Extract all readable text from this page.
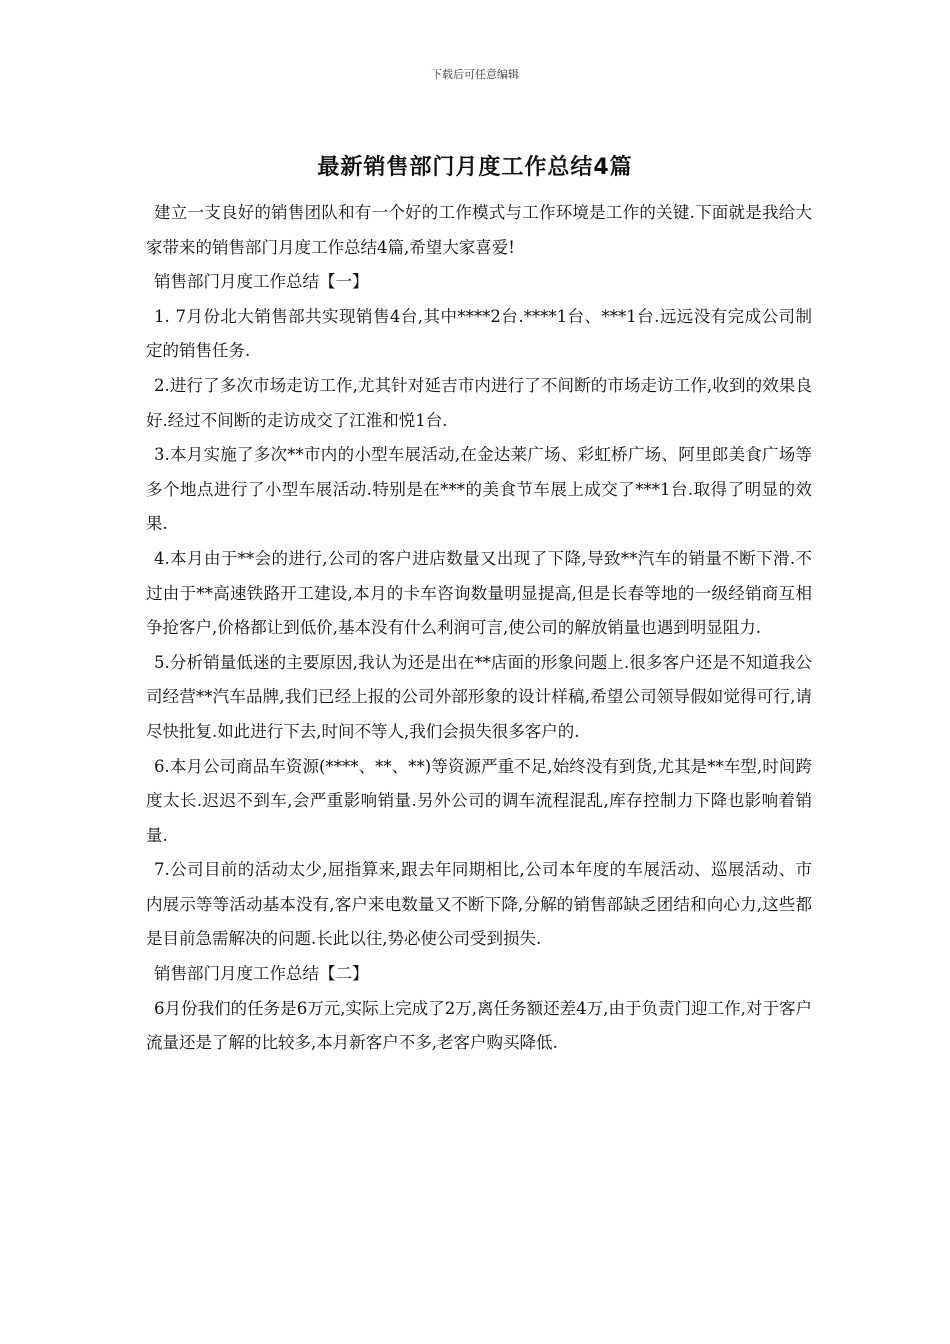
下载后可任意编辑
最新销售部门月度工作总结4篇

建立一支良好的销售团队和有一个好的工作模式与工作环境是工作的关键.下面就是我给大家带来的销售部门月度工作总结4篇,希望大家喜爱!

销售部门月度工作总结【一】

1. 7月份北大销售部共实现销售4台,其中****2台.****1台、***1台.远远没有完成公司制定的销售任务.

2.进行了多次市场走访工作,尤其针对延吉市内进行了不间断的市场走访工作,收到的效果良好.经过不间断的走访成交了江淮和悦1台.

3.本月实施了多次**市内的小型车展活动,在金达莱广场、彩虹桥广场、阿里郎美食广场等多个地点进行了小型车展活动.特别是在***的美食节车展上成交了***1台.取得了明显的效果.

4.本月由于**会的进行,公司的客户进店数量又出现了下降,导致**汽车的销量不断下滑.不过由于**高速铁路开工建设,本月的卡车咨询数量明显提高,但是长春等地的一级经销商互相争抢客户,价格都让到低价,基本没有什么利润可言,使公司的解放销量也遇到明显阻力.

5.分析销量低迷的主要原因,我认为还是出在**店面的形象问题上.很多客户还是不知道我公司经营**汽车品牌,我们已经上报的公司外部形象的设计样稿,希望公司领导假如觉得可行,请尽快批复.如此进行下去,时间不等人,我们会损失很多客户的.

6.本月公司商品车资源(****、**、**)等资源严重不足,始终没有到货,尤其是**车型,时间跨度太长.迟迟不到车,会严重影响销量.另外公司的调车流程混乱,库存控制力下降也影响着销量.

7.公司目前的活动太少,屈指算来,跟去年同期相比,公司本年度的车展活动、巡展活动、市内展示等等活动基本没有,客户来电数量又不断下降,分解的销售部缺乏团结和向心力,这些都是目前急需解决的问题.长此以往,势必使公司受到损失.

销售部门月度工作总结【二】

6月份我们的任务是6万元,实际上完成了2万,离任务额还差4万,由于负责门迎工作,对于客户流量还是了解的比较多,本月新客户不多,老客户购买降低.
